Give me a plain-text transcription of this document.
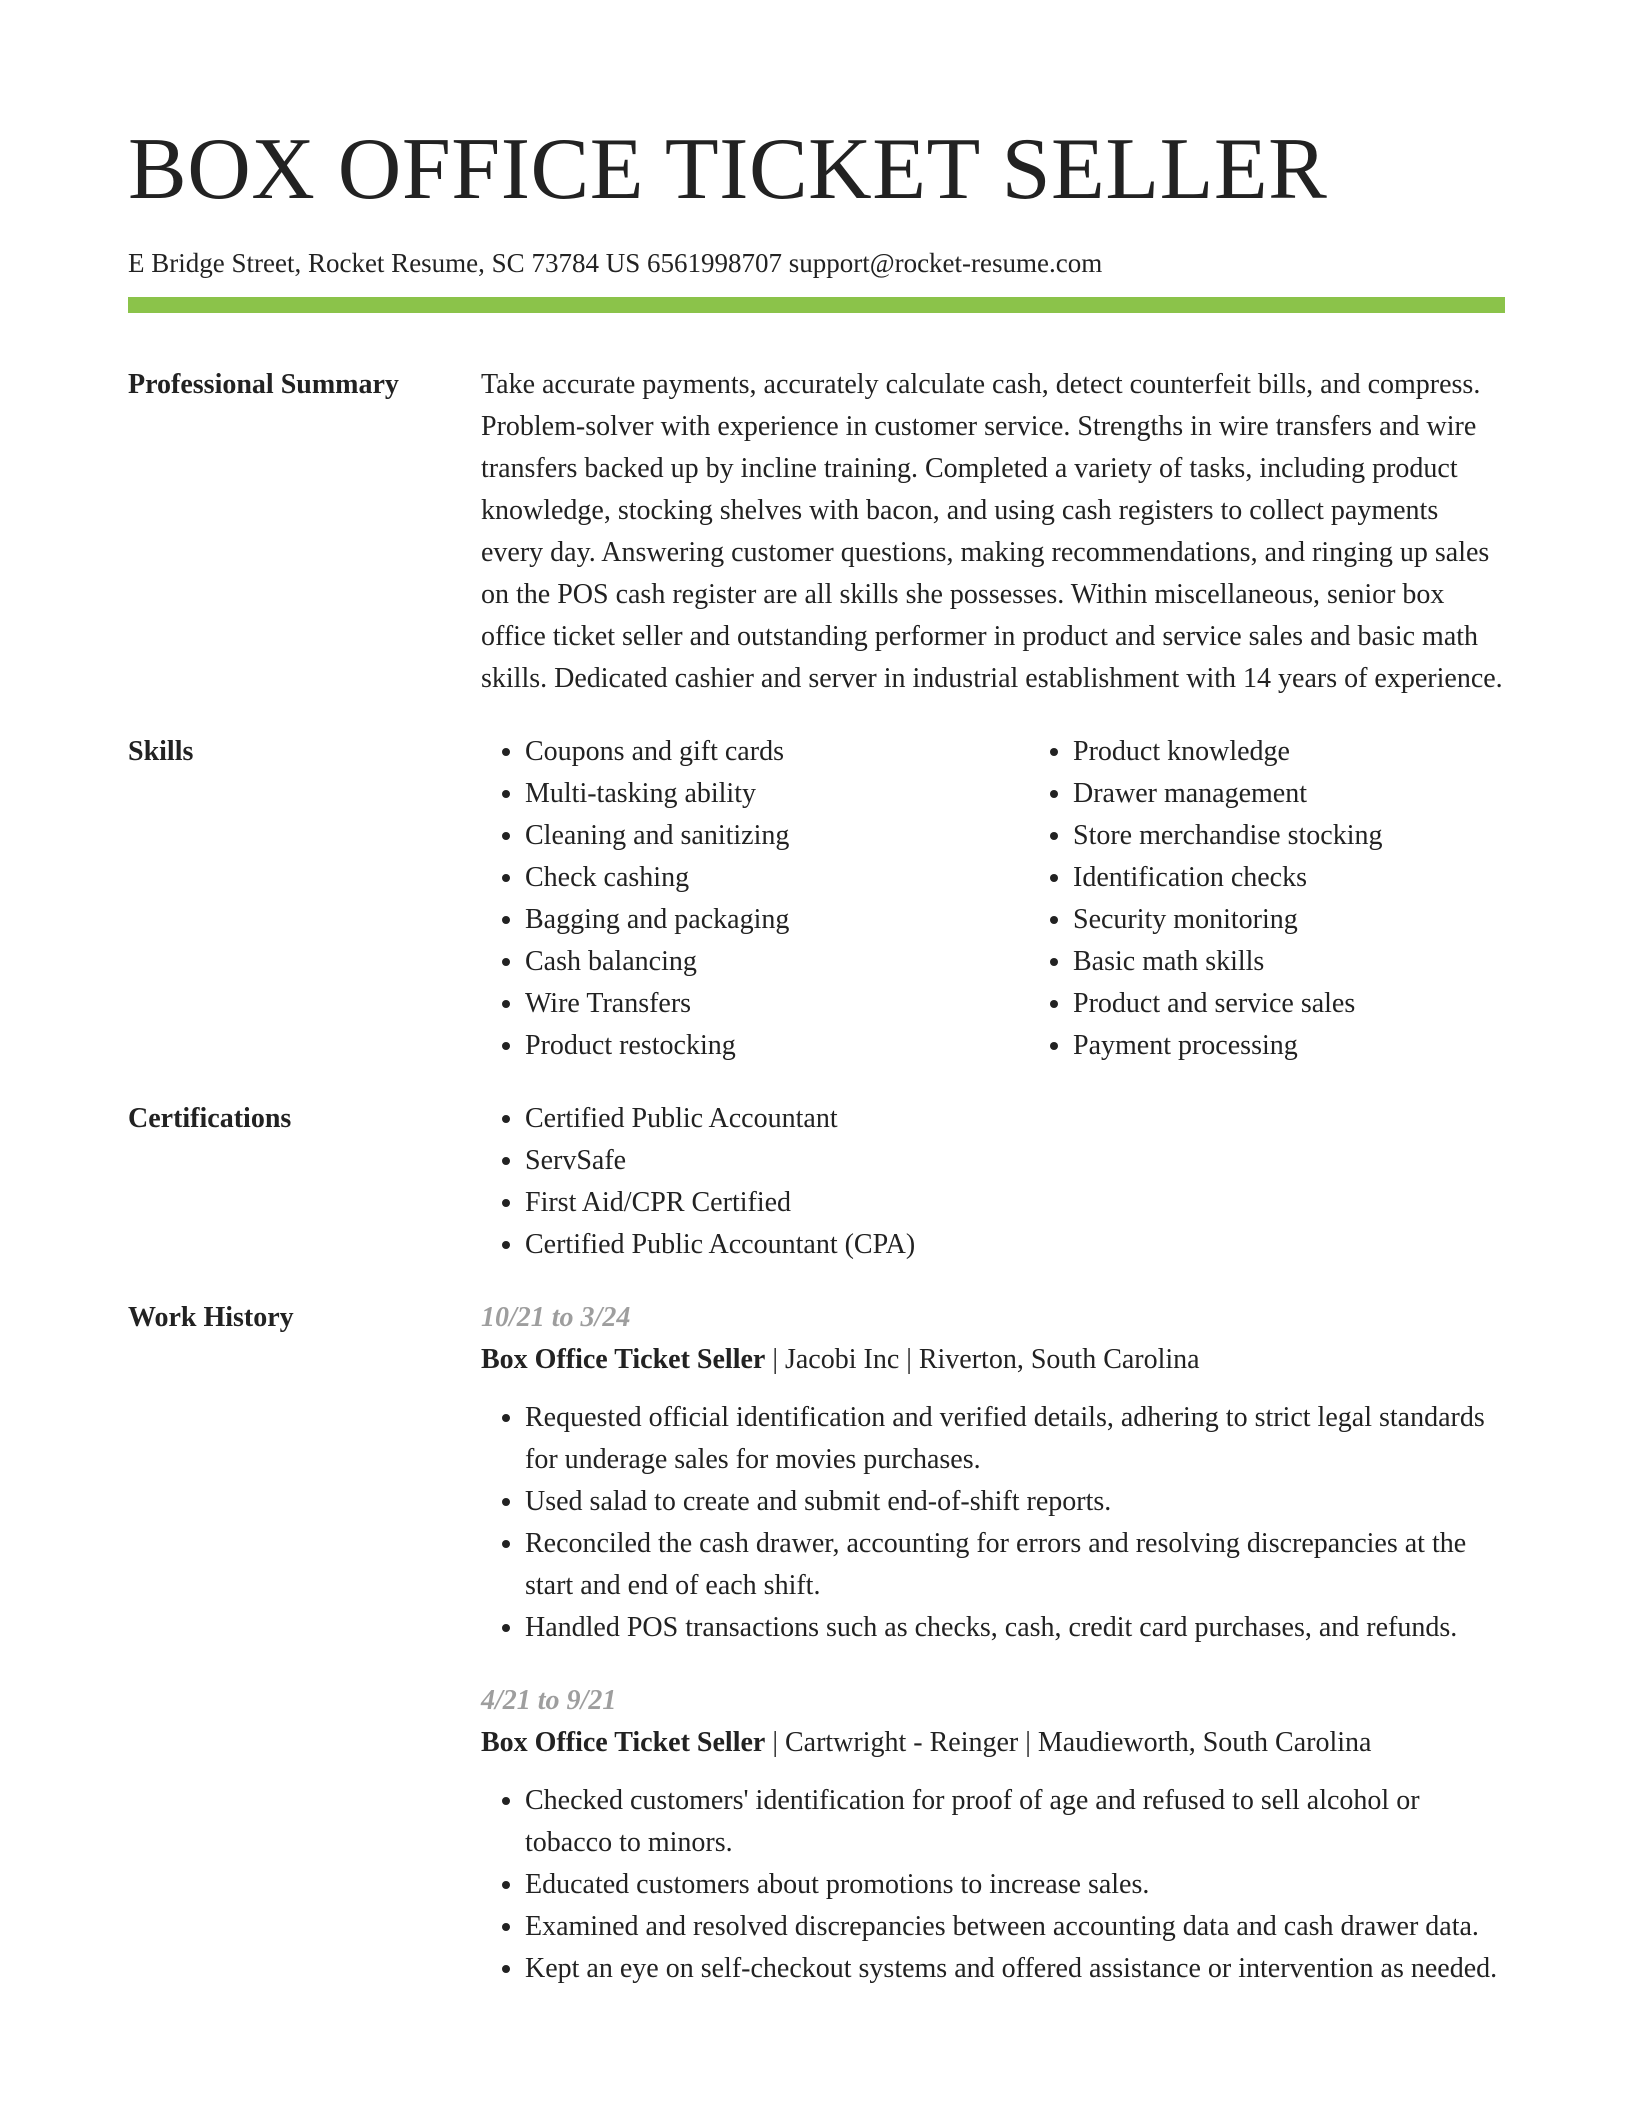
BOX OFFICE TICKET SELLER
E Bridge Street, Rocket Resume, SC 73784 US 6561998707 support@rocket-resume.com
Professional Summary	Take accurate payments, accurately calculate cash, detect counterfeit bills, and compress. Problem-solver with experience in customer service. Strengths in wire transfers and wire transfers backed up by incline training. Completed a variety of tasks, including product knowledge, stocking shelves with bacon, and using cash registers to collect payments every day. Answering customer questions, making recommendations, and ringing up sales on the POS cash register are all skills she possesses. Within miscellaneous, senior box office ticket seller and outstanding performer in product and service sales and basic math skills. Dedicated cashier and server in industrial establishment with 14 years of experience.

Skills	• Coupons and gift cards
• Multi-tasking ability
• Cleaning and sanitizing
• Check cashing
• Bagging and packaging
• Cash balancing
• Wire Transfers
• Product restocking
• Product knowledge
• Drawer management
• Store merchandise stocking
• Identification checks
• Security monitoring
• Basic math skills
• Product and service sales
• Payment processing
Certifications	• Certified Public Accountant
• ServSafe
• First Aid/CPR Certified
• Certified Public Accountant (CPA)
Work History	10/21 to 3/24
Box Office Ticket Seller | Jacobi Inc | Riverton, South Carolina
• Requested official identification and verified details, adhering to strict legal standards for underage sales for movies purchases.
• Used salad to create and submit end-of-shift reports.
• Reconciled the cash drawer, accounting for errors and resolving discrepancies at the start and end of each shift.
• Handled POS transactions such as checks, cash, credit card purchases, and refunds.
4/21 to 9/21
Box Office Ticket Seller | Cartwright - Reinger | Maudieworth, South Carolina
• Checked customers' identification for proof of age and refused to sell alcohol or tobacco to minors.
• Educated customers about promotions to increase sales.
• Examined and resolved discrepancies between accounting data and cash drawer data.
• Kept an eye on self-checkout systems and offered assistance or intervention as needed.
